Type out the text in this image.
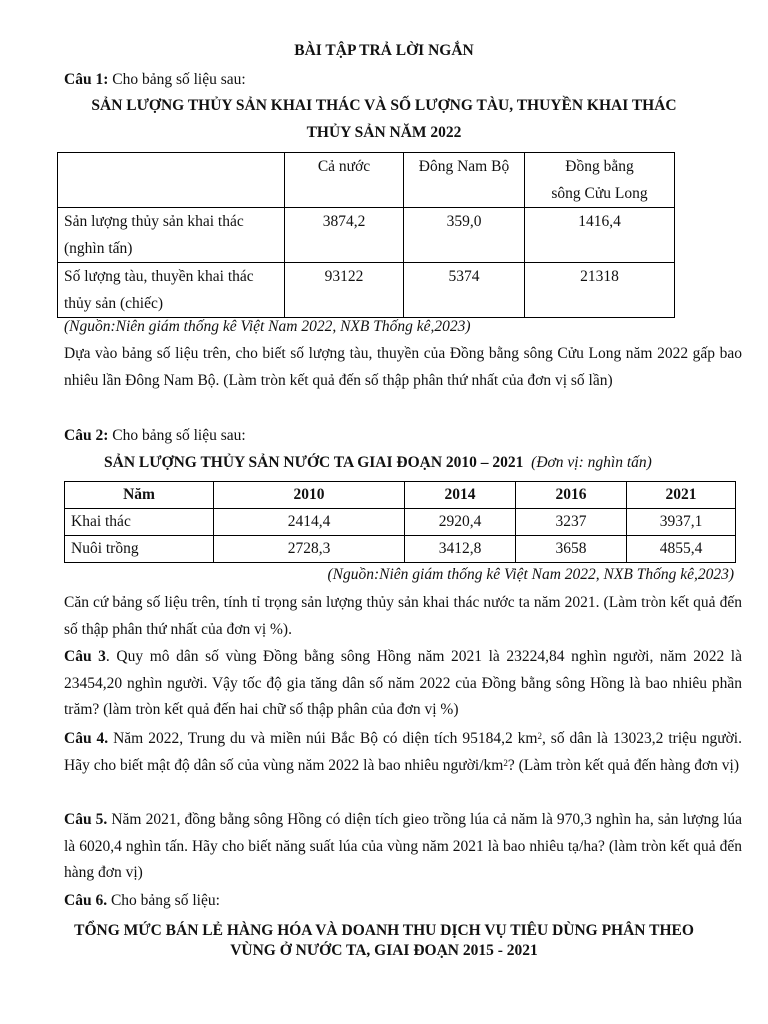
BÀI TẬP TRẢ LỜI NGẮN
Câu 1: Cho bảng số liệu sau:
SẢN LƯỢNG THỦY SẢN KHAI THÁC VÀ SỐ LƯỢNG TÀU, THUYỀN KHAI THÁC
THỦY SẢN NĂM 2022
	Cả nước	Đông Nam Bộ	Đồng bằng sông Cửu Long
Sản lượng thủy sản khai thác (nghìn tấn)	3874,2	359,0	1416,4
Số lượng tàu, thuyền khai thác thủy sản (chiếc)	93122	5374	21318
(Nguồn:Niên giám thống kê Việt Nam 2022, NXB Thống kê,2023)
Dựa vào bảng số liệu trên, cho biết số lượng tàu, thuyền của Đồng bằng sông Cửu Long năm 2022 gấp bao nhiêu lần Đông Nam Bộ. (Làm tròn kết quả đến số thập phân thứ nhất của đơn vị số lần)
Câu 2: Cho bảng số liệu sau:
SẢN LƯỢNG THỦY SẢN NƯỚC TA GIAI ĐOẠN 2010 – 2021 (Đơn vị: nghìn tấn)
Năm	2010	2014	2016	2021
Khai thác	2414,4	2920,4	3237	3937,1
Nuôi trồng	2728,3	3412,8	3658	4855,4
(Nguồn:Niên giám thống kê Việt Nam 2022, NXB Thống kê,2023)
Căn cứ bảng số liệu trên, tính tỉ trọng sản lượng thủy sản khai thác nước ta năm 2021. (Làm tròn kết quả đến số thập phân thứ nhất của đơn vị %).
Câu 3. Quy mô dân số vùng Đồng bằng sông Hồng năm 2021 là 23224,84 nghìn người, năm 2022 là 23454,20 nghìn người. Vậy tốc độ gia tăng dân số năm 2022 của Đồng bằng sông Hồng là bao nhiêu phần trăm? (làm tròn kết quả đến hai chữ số thập phân của đơn vị %)
Câu 4. Năm 2022, Trung du và miền núi Bắc Bộ có diện tích 95184,2 $km^2$, số dân là 13023,2 triệu người. Hãy cho biết mật độ dân số của vùng năm 2022 là bao nhiêu người/$km^2$? (Làm tròn kết quả đến hàng đơn vị)
Câu 5. Năm 2021, đồng bằng sông Hồng có diện tích gieo trồng lúa cả năm là 970,3 nghìn ha, sản lượng lúa là 6020,4 nghìn tấn. Hãy cho biết năng suất lúa của vùng năm 2021 là bao nhiêu tạ/ha? (làm tròn kết quả đến hàng đơn vị)
Câu 6. Cho bảng số liệu:
TỔNG MỨC BÁN LẺ HÀNG HÓA VÀ DOANH THU DỊCH VỤ TIÊU DÙNG PHÂN THEO
VÙNG Ở NƯỚC TA, GIAI ĐOẠN 2015 - 2021
